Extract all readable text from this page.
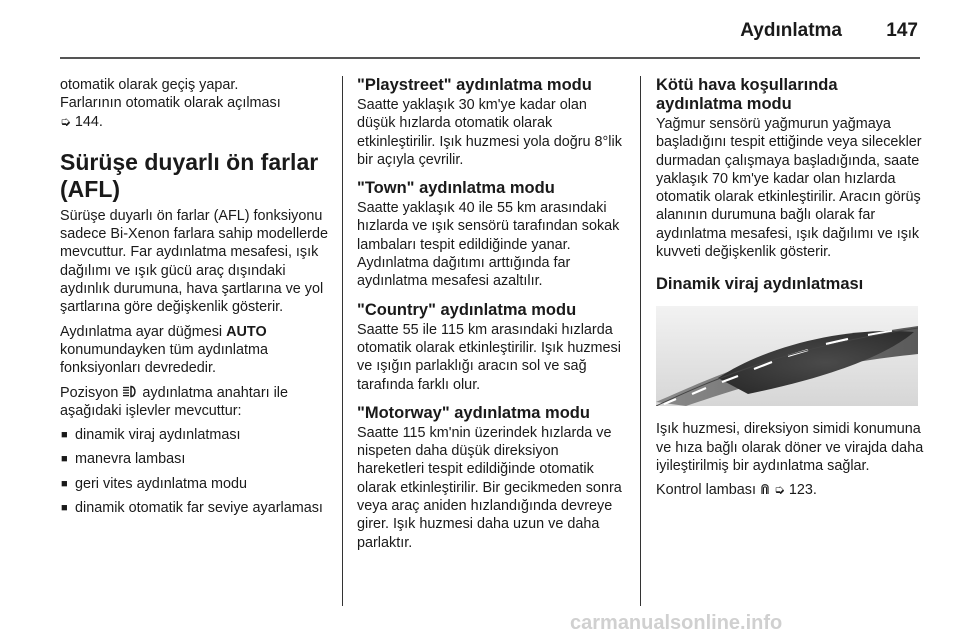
Aydınlatma 147

otomatik olarak geçiş yapar.
Farlarının otomatik olarak açılması
➭ 144.

Sürüşe duyarlı ön farlar (AFL)

Sürüşe duyarlı ön farlar (AFL) fonksiyonu sadece Bi-Xenon farlara sahip modellerde mevcuttur. Far aydınlatma mesafesi, ışık dağılımı ve ışık gücü araç dışındaki aydınlık durumuna, hava şartlarına ve yol şartlarına göre değişkenlik gösterir.

Aydınlatma ayar düğmesi AUTO konumundayken tüm aydınlatma fonksiyonları devrededir.

Pozisyon aydınlatma anahtarı ile aşağıdaki işlevler mevcuttur:

■ dinamik viraj aydınlatması
■ manevra lambası
■ geri vites aydınlatma modu
■ dinamik otomatik far seviye ayarlaması
"Playstreet" aydınlatma modu

Saatte yaklaşık 30 km'ye kadar olan düşük hızlarda otomatik olarak etkinleştirilir. Işık huzmesi yola doğru 8°lik bir açıyla çevrilir.

"Town" aydınlatma modu

Saatte yaklaşık 40 ile 55 km arasındaki hızlarda ve ışık sensörü tarafından sokak lambaları tespit edildiğinde yanar. Aydınlatma dağıtımı arttığında far aydınlatma mesafesi azaltılır.

"Country" aydınlatma modu

Saatte 55 ile 115 km arasındaki hızlarda otomatik olarak etkinleştirilir. Işık huzmesi ve ışığın parlaklığı aracın sol ve sağ tarafında farklı olur.

"Motorway" aydınlatma modu

Saatte 115 km'nin üzerindek hızlarda ve nispeten daha düşük direksiyon hareketleri tespit edildiğinde otomatik olarak etkinleştirilir. Bir gecikmeden sonra veya araç aniden hızlandığında devreye girer. Işık huzmesi daha uzun ve daha parlaktır.

Kötü hava koşullarında aydınlatma modu

Yağmur sensörü yağmurun yağmaya başladığını tespit ettiğinde veya silecekler durmadan çalışmaya başladığında, saate yaklaşık 70 km'ye kadar olan hızlarda otomatik olarak etkinleştirilir. Aracın görüş alanının durumuna bağlı olarak far aydınlatma mesafesi, ışık dağılımı ve ışık kuvveti değişkenlik gösterir.

Dinamik viraj aydınlatması

Işık huzmesi, direksiyon simidi konumuna ve hıza bağlı olarak döner ve virajda daha iyileştirilmiş bir aydınlatma sağlar.

Kontrol lambası ➭ 123.

carmanualsonline.info
